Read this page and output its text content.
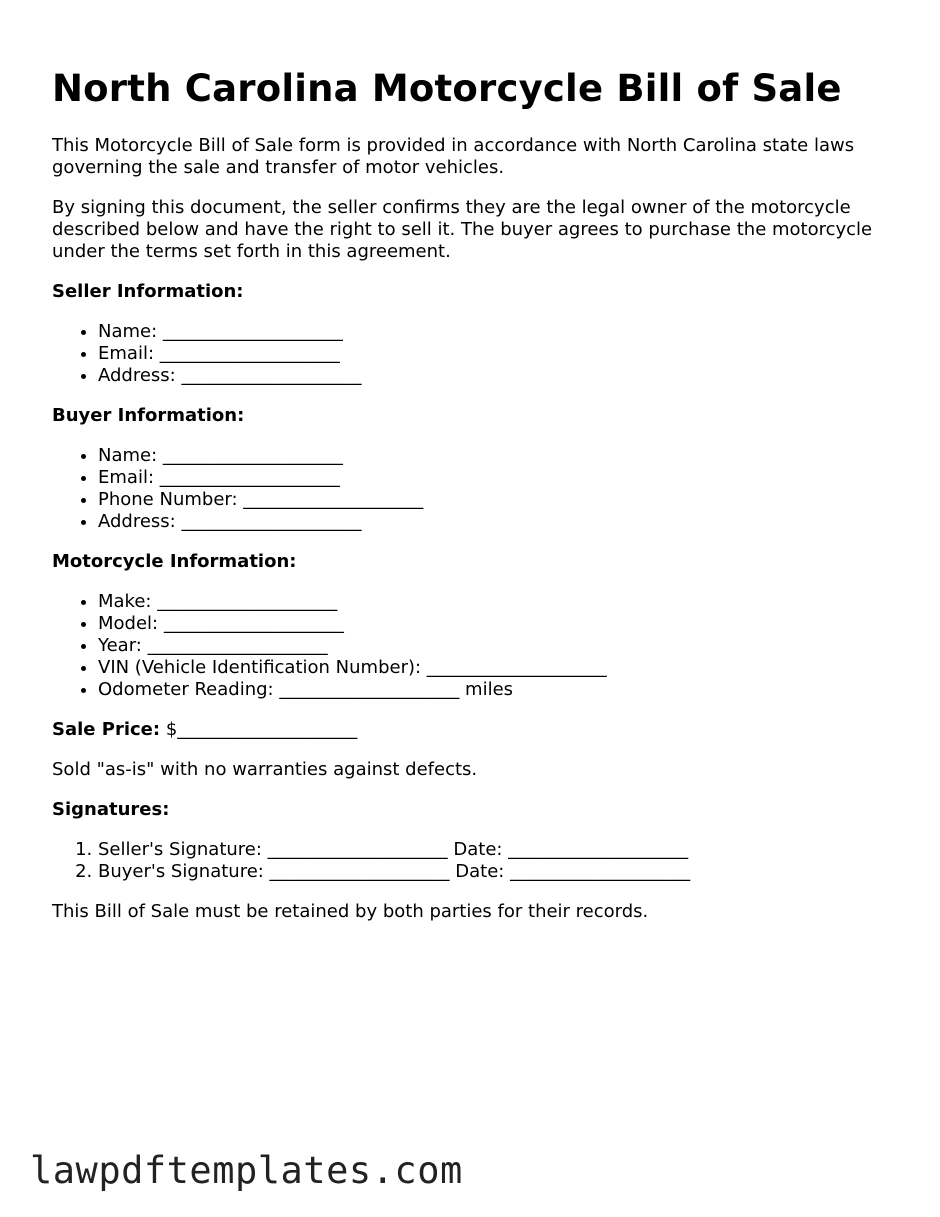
North Carolina Motorcycle Bill of Sale

This Motorcycle Bill of Sale form is provided in accordance with North Carolina state laws governing the sale and transfer of motor vehicles.

By signing this document, the seller confirms they are the legal owner of the motorcycle described below and have the right to sell it. The buyer agrees to purchase the motorcycle under the terms set forth in this agreement.

Seller Information:
• Name: ____________________
• Email: ____________________
• Address: ____________________
Buyer Information:
• Name: ____________________
• Email: ____________________
• Phone Number: ____________________
• Address: ____________________
Motorcycle Information:
• Make: ____________________
• Model: ____________________
• Year: ____________________
• VIN (Vehicle Identification Number): ____________________
• Odometer Reading: ____________________ miles
Sale Price: $____________________

Sold "as-is" with no warranties against defects.

Signatures:
1. Seller's Signature: ____________________ Date: ____________________
2. Buyer's Signature: ____________________ Date: ____________________

This Bill of Sale must be retained by both parties for their records.

lawpdftemplates.com
